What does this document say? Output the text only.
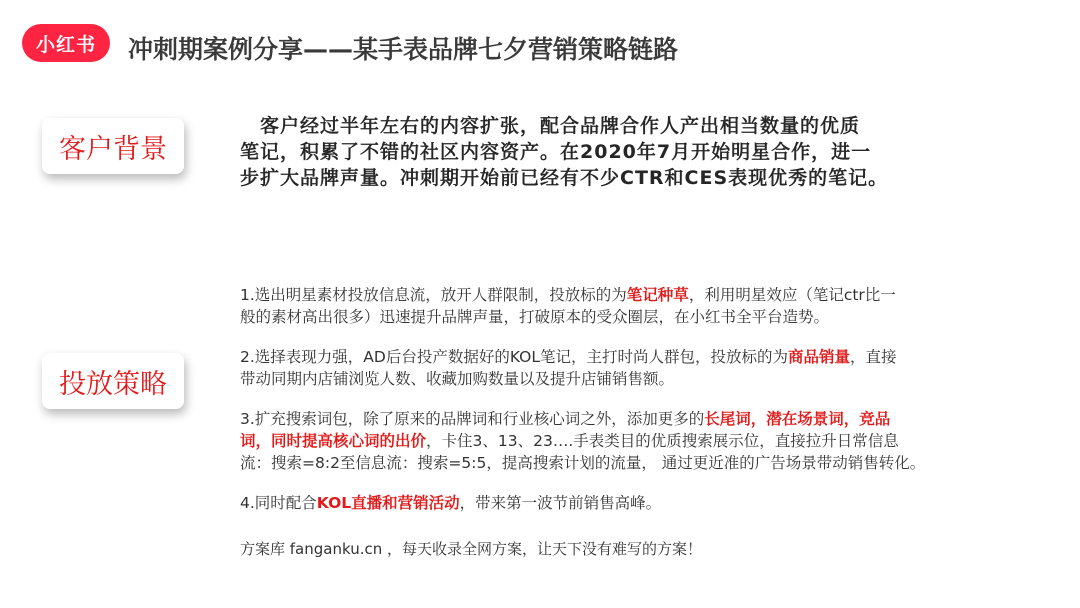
小红书	冲刺期案例分享——某手表品牌七夕营销策略链路
客户背景
　客户经过半年左右的内容扩张，配合品牌合作人产出相当数量的优质
笔记，积累了不错的社区内容资产。在2020年7月开始明星合作，进一
步扩大品牌声量。冲刺期开始前已经有不少CTR和CES表现优秀的笔记。
投放策略
1.选出明星素材投放信息流，放开人群限制，投放标的为笔记种草，利用明星效应（笔记ctr比一
般的素材高出很多）迅速提升品牌声量，打破原本的受众圈层，在小红书全平台造势。
2.选择表现力强，AD后台投产数据好的KOL笔记，主打时尚人群包，投放标的为商品销量，直接
带动同期内店铺浏览人数、收藏加购数量以及提升店铺销售额。
3.扩充搜索词包，除了原来的品牌词和行业核心词之外，添加更多的长尾词，潜在场景词，竞品
词，同时提高核心词的出价，卡住3、13、23….手表类目的优质搜索展示位，直接拉升日常信息
流：搜索=8:2至信息流：搜索=5:5，提高搜索计划的流量， 通过更近准的广告场景带动销售转化。
4.同时配合KOL直播和营销活动，带来第一波节前销售高峰。
方案库 fanganku.cn ，每天收录全网方案，让天下没有难写的方案！
